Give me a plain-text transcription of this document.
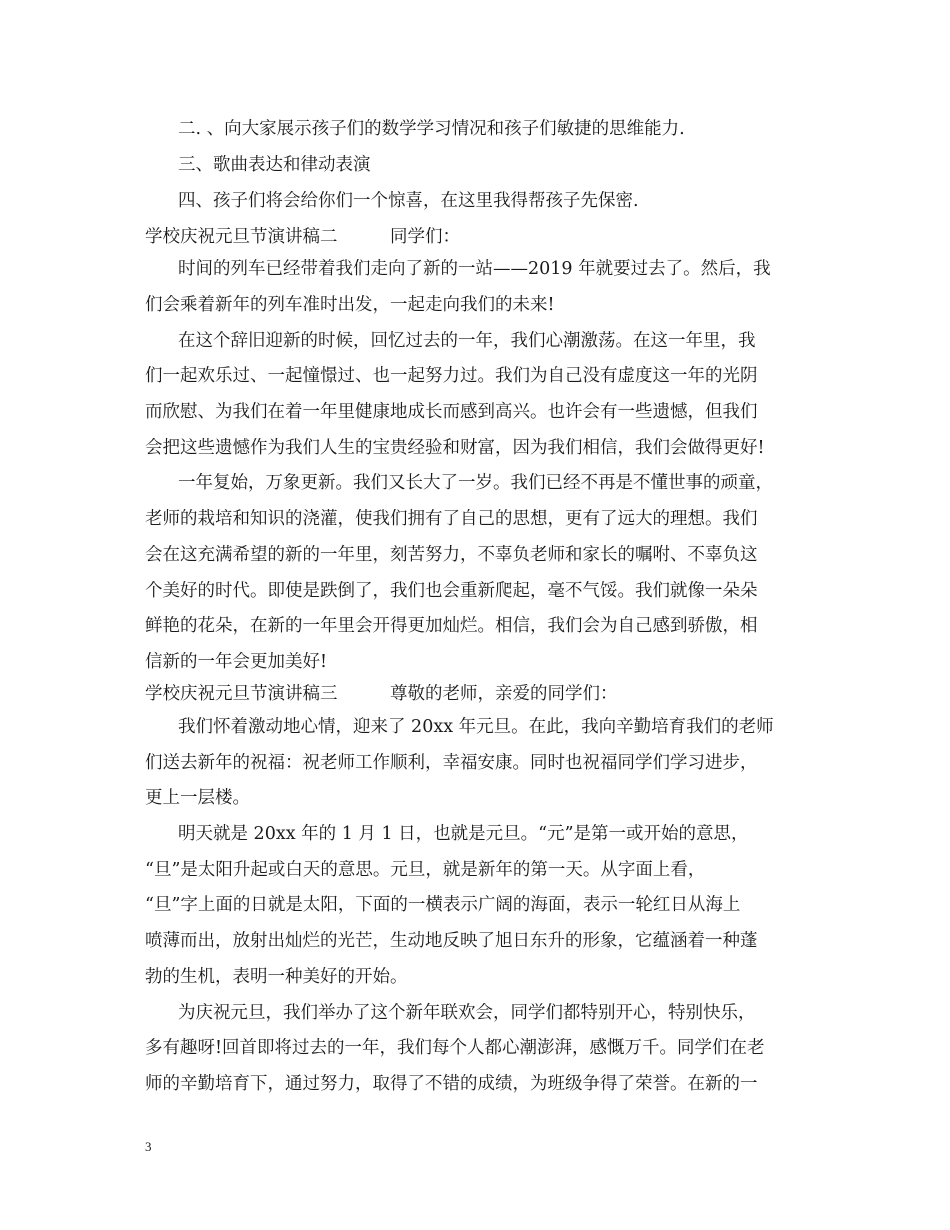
二. 、向大家展示孩子们的数学学习情况和孩子们敏捷的思维能力.
三、歌曲表达和律动表演
四、孩子们将会给你们一个惊喜，在这里我得帮孩子先保密.
学校庆祝元旦节演讲稿二　　　同学们：
时间的列车已经带着我们走向了新的一站——2019 年就要过去了。然后，我
们会乘着新年的列车准时出发，一起走向我们的未来!
在这个辞旧迎新的时候，回忆过去的一年，我们心潮激荡。在这一年里，我
们一起欢乐过、一起憧憬过、也一起努力过。我们为自己没有虚度这一年的光阴
而欣慰、为我们在着一年里健康地成长而感到高兴。也许会有一些遗憾，但我们
会把这些遗憾作为我们人生的宝贵经验和财富，因为我们相信，我们会做得更好!
一年复始，万象更新。我们又长大了一岁。我们已经不再是不懂世事的顽童，
老师的栽培和知识的浇灌，使我们拥有了自己的思想，更有了远大的理想。我们
会在这充满希望的新的一年里，刻苦努力，不辜负老师和家长的嘱咐、不辜负这
个美好的时代。即使是跌倒了，我们也会重新爬起，毫不气馁。我们就像一朵朵
鲜艳的花朵，在新的一年里会开得更加灿烂。相信，我们会为自己感到骄傲，相
信新的一年会更加美好!
学校庆祝元旦节演讲稿三　　　尊敬的老师，亲爱的同学们：
我们怀着激动地心情，迎来了 20xx 年元旦。在此，我向辛勤培育我们的老师
们送去新年的祝福：祝老师工作顺利，幸福安康。同时也祝福同学们学习进步，
更上一层楼。
明天就是 20xx 年的 1 月 1 日，也就是元旦。“元”是第一或开始的意思，
“旦”是太阳升起或白天的意思。元旦，就是新年的第一天。从字面上看，
“旦”字上面的日就是太阳，下面的一横表示广阔的海面，表示一轮红日从海上
喷薄而出，放射出灿烂的光芒，生动地反映了旭日东升的形象，它蕴涵着一种蓬
勃的生机，表明一种美好的开始。
为庆祝元旦，我们举办了这个新年联欢会，同学们都特别开心，特别快乐，
多有趣呀!回首即将过去的一年，我们每个人都心潮澎湃，感慨万千。同学们在老
师的辛勤培育下，通过努力，取得了不错的成绩，为班级争得了荣誉。在新的一
3
